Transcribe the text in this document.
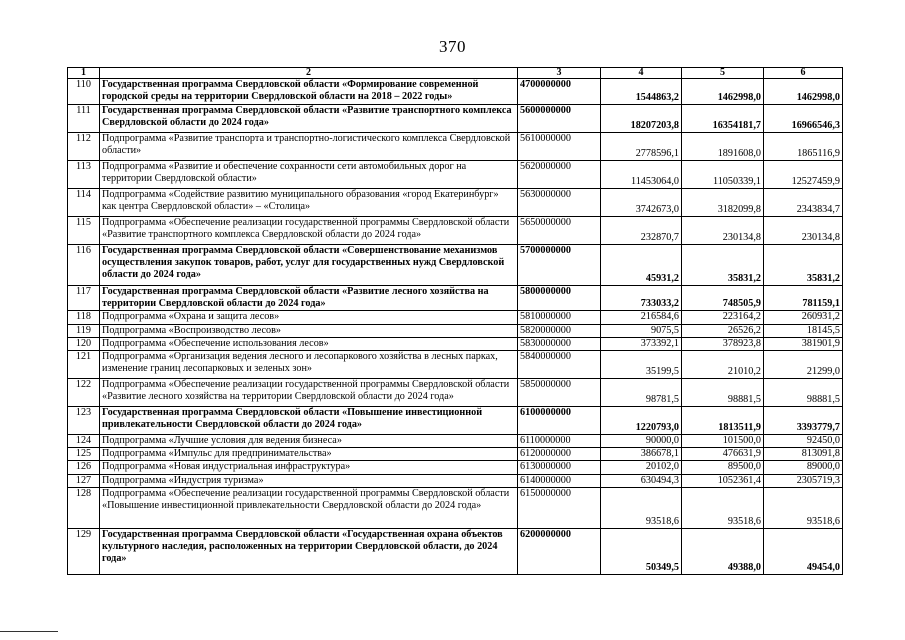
370
1	2	3	4	5	6
110	Государственная программа Свердловской области «Формирование современной городской среды на территории Свердловской области на 2018 – 2022 годы»	4700000000	1544863,2	1462998,0	1462998,0
111	Государственная программа Свердловской области «Развитие транспортного комплекса Свердловской области до 2024 года»	5600000000	18207203,8	16354181,7	16966546,3
112	Подпрограмма «Развитие транспорта и транспортно-логистического комплекса Свердловской области»	5610000000	2778596,1	1891608,0	1865116,9
113	Подпрограмма «Развитие и обеспечение сохранности сети автомобильных дорог на территории Свердловской области»	5620000000	11453064,0	11050339,1	12527459,9
114	Подпрограмма «Содействие развитию муниципального образования «город Екатеринбург» как центра Свердловской области» – «Столица»	5630000000	3742673,0	3182099,8	2343834,7
115	Подпрограмма «Обеспечение реализации государственной программы Свердловской области «Развитие транспортного комплекса Свердловской области до 2024 года»	5650000000	232870,7	230134,8	230134,8
116	Государственная программа Свердловской области «Совершенствование механизмов осуществления закупок товаров, работ, услуг для государственных нужд Свердловской области до 2024 года»	5700000000	45931,2	35831,2	35831,2
117	Государственная программа Свердловской области «Развитие лесного хозяйства на территории Свердловской области до 2024 года»	5800000000	733033,2	748505,9	781159,1
118	Подпрограмма «Охрана и защита лесов»	5810000000	216584,6	223164,2	260931,2
119	Подпрограмма «Воспроизводство лесов»	5820000000	9075,5	26526,2	18145,5
120	Подпрограмма «Обеспечение использования лесов»	5830000000	373392,1	378923,8	381901,9
121	Подпрограмма «Организация ведения лесного и лесопаркового хозяйства в лесных парках, изменение границ лесопарковых и зеленых зон»	5840000000	35199,5	21010,2	21299,0
122	Подпрограмма «Обеспечение реализации государственной программы Свердловской области «Развитие лесного хозяйства на территории Свердловской области до 2024 года»	5850000000	98781,5	98881,5	98881,5
123	Государственная программа Свердловской области «Повышение инвестиционной привлекательности Свердловской области до 2024 года»	6100000000	1220793,0	1813511,9	3393779,7
124	Подпрограмма «Лучшие условия для ведения бизнеса»	6110000000	90000,0	101500,0	92450,0
125	Подпрограмма «Импульс для предпринимательства»	6120000000	386678,1	476631,9	813091,8
126	Подпрограмма «Новая индустриальная инфраструктура»	6130000000	20102,0	89500,0	89000,0
127	Подпрограмма «Индустрия туризма»	6140000000	630494,3	1052361,4	2305719,3
128	Подпрограмма «Обеспечение реализации государственной программы Свердловской области «Повышение инвестиционной привлекательности Свердловской области до 2024 года»	6150000000	93518,6	93518,6	93518,6
129	Государственная программа Свердловской области «Государственная охрана объектов культурного наследия, расположенных на территории Свердловской области, до 2024 года»	6200000000	50349,5	49388,0	49454,0
